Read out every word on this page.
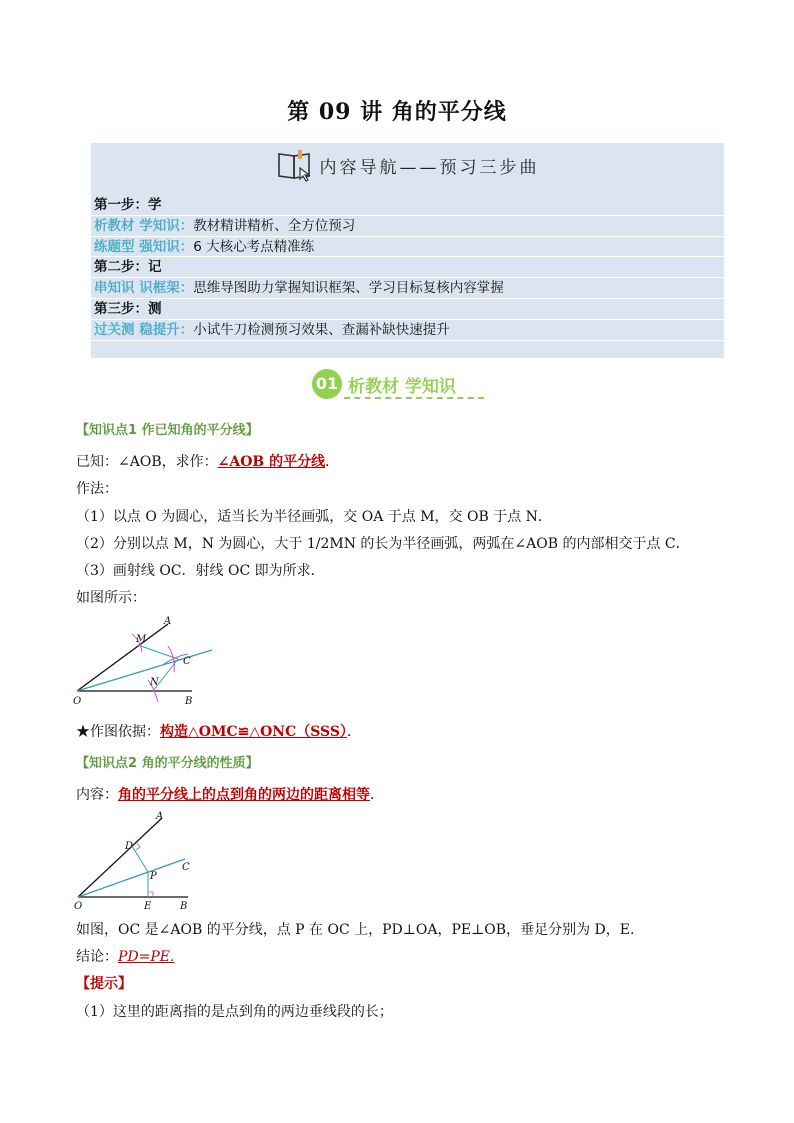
第 09 讲 角的平分线
内容导航——预习三步曲
第一步：学
析教材 学知识：教材精讲精析、全方位预习
练题型 强知识：6 大核心考点精准练
第二步：记
串知识 识框架：思维导图助力掌握知识框架、学习目标复核内容掌握
第三步：测
过关测 稳提升：小试牛刀检测预习效果、查漏补缺快速提升
01 析教材 学知识
【知识点1 作已知角的平分线】
已知：∠AOB，求作：∠AOB 的平分线．
作法：
（1）以点 O 为圆心，适当长为半径画弧，交 OA 于点 M，交 OB 于点 N．
（2）分别以点 M，N 为圆心，大于 1/2MN 的长为半径画弧，两弧在∠AOB 的内部相交于点 C．
（3）画射线 OC．射线 OC 即为所求．
如图所示：
A
M
C
O
N
B
★作图依据：构造△OMC≌△ONC（SSS）．
【知识点2 角的平分线的性质】
内容：角的平分线上的点到角的两边的距离相等．
A
D
C
P
O	E	B
如图，OC 是∠AOB 的平分线，点 P 在 OC 上，PD⊥OA，PE⊥OB，垂足分别为 D，E.
结论：PD=PE.
【提示】
（1）这里的距离指的是点到角的两边垂线段的长；
